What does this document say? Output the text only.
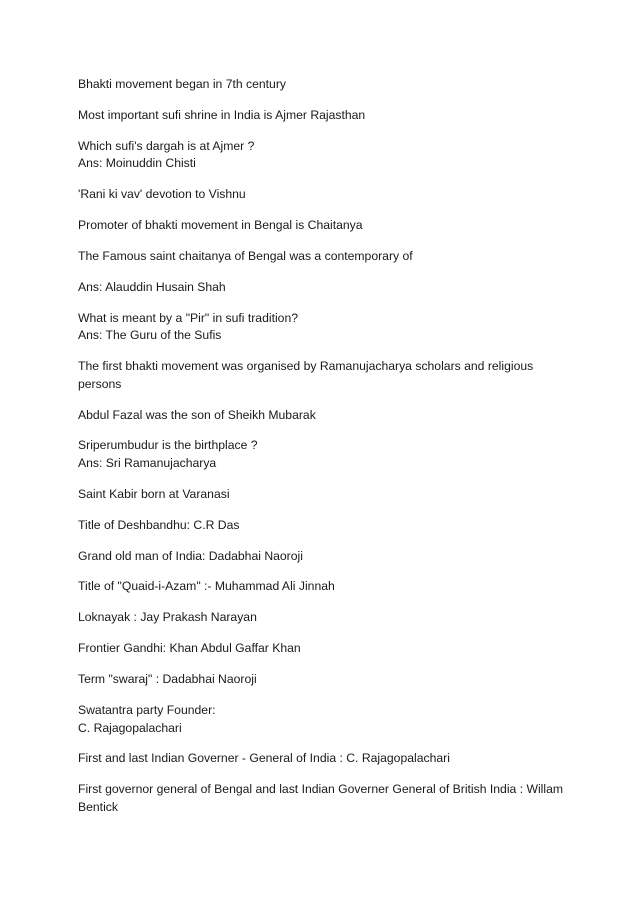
Bhakti movement began in 7th century

Most important sufi shrine in India is Ajmer Rajasthan

Which sufi's dargah is at Ajmer ?
Ans: Moinuddin Chisti

'Rani ki vav' devotion to Vishnu

Promoter of bhakti movement in Bengal is Chaitanya

The Famous saint chaitanya of Bengal was a contemporary of

Ans: Alauddin Husain Shah

What is meant by a "Pir" in sufi tradition?
Ans: The Guru of the Sufis

The first bhakti movement was organised by Ramanujacharya scholars and religious
persons

Abdul Fazal was the son of Sheikh Mubarak

Sriperumbudur is the birthplace ?
Ans: Sri Ramanujacharya

Saint Kabir born at Varanasi

Title of Deshbandhu: C.R Das

Grand old man of India: Dadabhai Naoroji

Title of "Quaid-i-Azam" :- Muhammad Ali Jinnah

Loknayak : Jay Prakash Narayan

Frontier Gandhi: Khan Abdul Gaffar Khan

Term "swaraj" : Dadabhai Naoroji

Swatantra party Founder:
C. Rajagopalachari

First and last Indian Governer - General of India : C. Rajagopalachari

First governor general of Bengal and last Indian Governer General of British India : Willam
Bentick
